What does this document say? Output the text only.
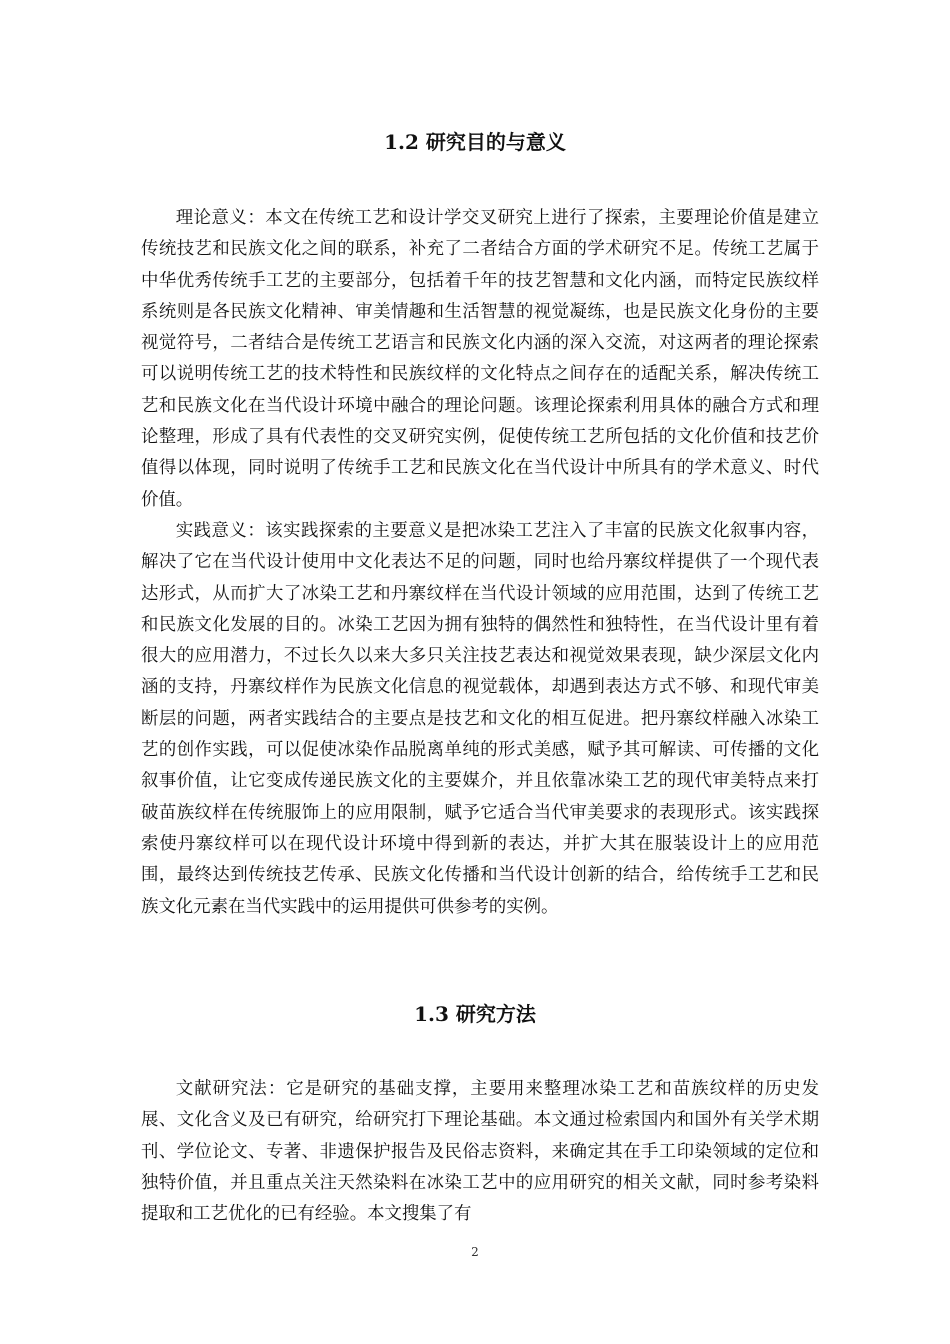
1.2 研究目的与意义

理论意义：本文在传统工艺和设计学交叉研究上进行了探索，主要理论价值是建立传统技艺和民族文化之间的联系，补充了二者结合方面的学术研究不足。传统工艺属于中华优秀传统手工艺的主要部分，包括着千年的技艺智慧和文化内涵，而特定民族纹样系统则是各民族文化精神、审美情趣和生活智慧的视觉凝练，也是民族文化身份的主要视觉符号，二者结合是传统工艺语言和民族文化内涵的深入交流，对这两者的理论探索可以说明传统工艺的技术特性和民族纹样的文化特点之间存在的适配关系，解决传统工艺和民族文化在当代设计环境中融合的理论问题。该理论探索利用具体的融合方式和理论整理，形成了具有代表性的交叉研究实例，促使传统工艺所包括的文化价值和技艺价值得以体现，同时说明了传统手工艺和民族文化在当代设计中所具有的学术意义、时代价值。

实践意义：该实践探索的主要意义是把冰染工艺注入了丰富的民族文化叙事内容，解决了它在当代设计使用中文化表达不足的问题，同时也给丹寨纹样提供了一个现代表达形式，从而扩大了冰染工艺和丹寨纹样在当代设计领域的应用范围，达到了传统工艺和民族文化发展的目的。冰染工艺因为拥有独特的偶然性和独特性，在当代设计里有着很大的应用潜力，不过长久以来大多只关注技艺表达和视觉效果表现，缺少深层文化内涵的支持，丹寨纹样作为民族文化信息的视觉载体，却遇到表达方式不够、和现代审美断层的问题，两者实践结合的主要点是技艺和文化的相互促进。把丹寨纹样融入冰染工艺的创作实践，可以促使冰染作品脱离单纯的形式美感，赋予其可解读、可传播的文化叙事价值，让它变成传递民族文化的主要媒介，并且依靠冰染工艺的现代审美特点来打破苗族纹样在传统服饰上的应用限制，赋予它适合当代审美要求的表现形式。该实践探索使丹寨纹样可以在现代设计环境中得到新的表达，并扩大其在服装设计上的应用范围，最终达到传统技艺传承、民族文化传播和当代设计创新的结合，给传统手工艺和民族文化元素在当代实践中的运用提供可供参考的实例。

1.3 研究方法

文献研究法：它是研究的基础支撑，主要用来整理冰染工艺和苗族纹样的历史发展、文化含义及已有研究，给研究打下理论基础。本文通过检索国内和国外有关学术期刊、学位论文、专著、非遗保护报告及民俗志资料，来确定其在手工印染领域的定位和独特价值，并且重点关注天然染料在冰染工艺中的应用研究的相关文献，同时参考染料提取和工艺优化的已有经验。本文搜集了有

2
